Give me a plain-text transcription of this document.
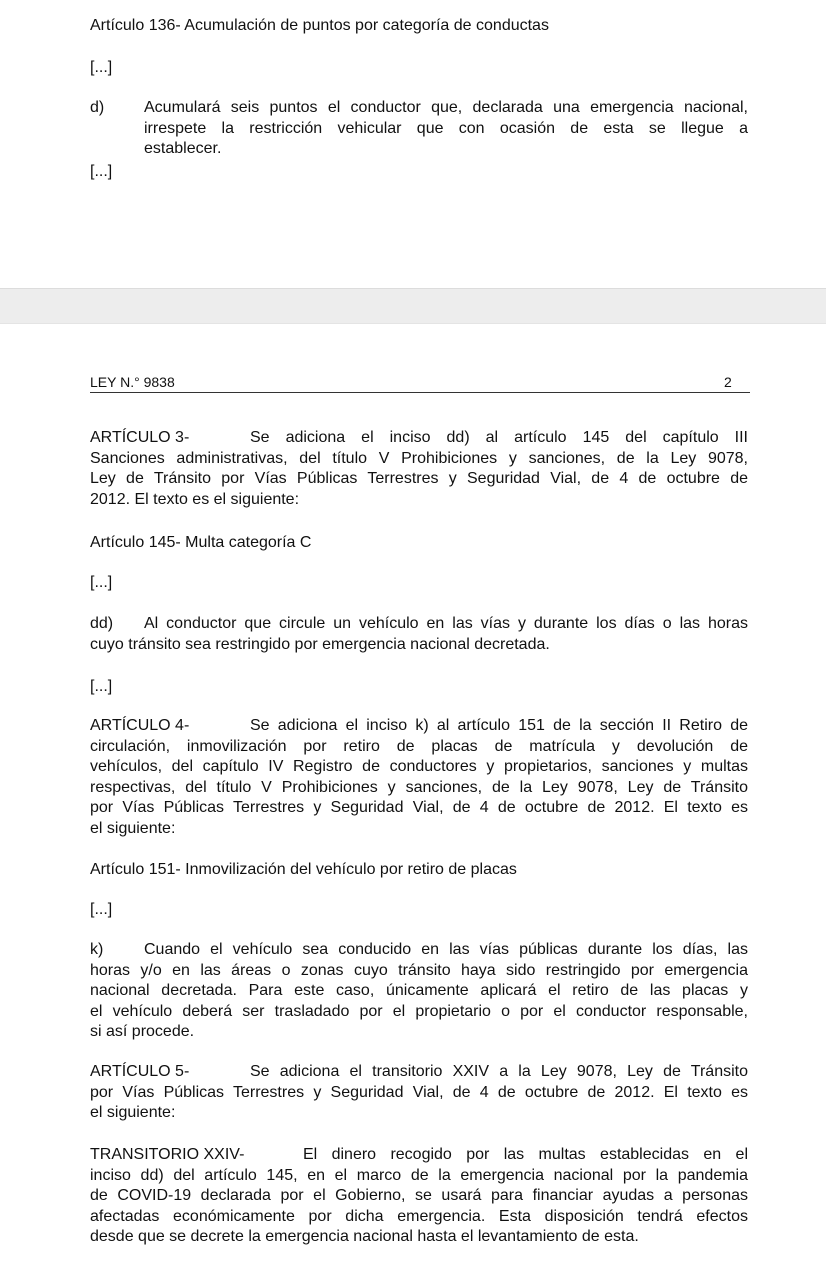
Artículo 136- Acumulación de puntos por categoría de conductas

[...]

d) Acumulará seis puntos el conductor que, declarada una emergencia nacional,
irrespete la restricción vehicular que con ocasión de esta se llegue a
establecer.

[...]

LEY N.° 9838	2
ARTÍCULO 3-	Se adiciona el inciso dd) al artículo 145 del capítulo III
Sanciones administrativas, del título V Prohibiciones y sanciones, de la Ley 9078,
Ley de Tránsito por Vías Públicas Terrestres y Seguridad Vial, de 4 de octubre de
2012. El texto es el siguiente:

Artículo 145- Multa categoría C

[...]

dd)	Al conductor que circule un vehículo en las vías y durante los días o las horas
cuyo tránsito sea restringido por emergencia nacional decretada.

[...]

ARTÍCULO 4-	Se adiciona el inciso k) al artículo 151 de la sección II Retiro de
circulación, inmovilización por retiro de placas de matrícula y devolución de
vehículos, del capítulo IV Registro de conductores y propietarios, sanciones y multas
respectivas, del título V Prohibiciones y sanciones, de la Ley 9078, Ley de Tránsito
por Vías Públicas Terrestres y Seguridad Vial, de 4 de octubre de 2012. El texto es
el siguiente:

Artículo 151- Inmovilización del vehículo por retiro de placas

[...]

k)	Cuando el vehículo sea conducido en las vías públicas durante los días, las
horas y/o en las áreas o zonas cuyo tránsito haya sido restringido por emergencia
nacional decretada. Para este caso, únicamente aplicará el retiro de las placas y
el vehículo deberá ser trasladado por el propietario o por el conductor responsable,
si así procede.
ARTÍCULO 5-	Se adiciona el transitorio XXIV a la Ley 9078, Ley de Tránsito
por Vías Públicas Terrestres y Seguridad Vial, de 4 de octubre de 2012. El texto es
el siguiente:
TRANSITORIO XXIV-	El dinero recogido por las multas establecidas en el
inciso dd) del artículo 145, en el marco de la emergencia nacional por la pandemia
de COVID-19 declarada por el Gobierno, se usará para financiar ayudas a personas
afectadas económicamente por dicha emergencia. Esta disposición tendrá efectos
desde que se decrete la emergencia nacional hasta el levantamiento de esta.
